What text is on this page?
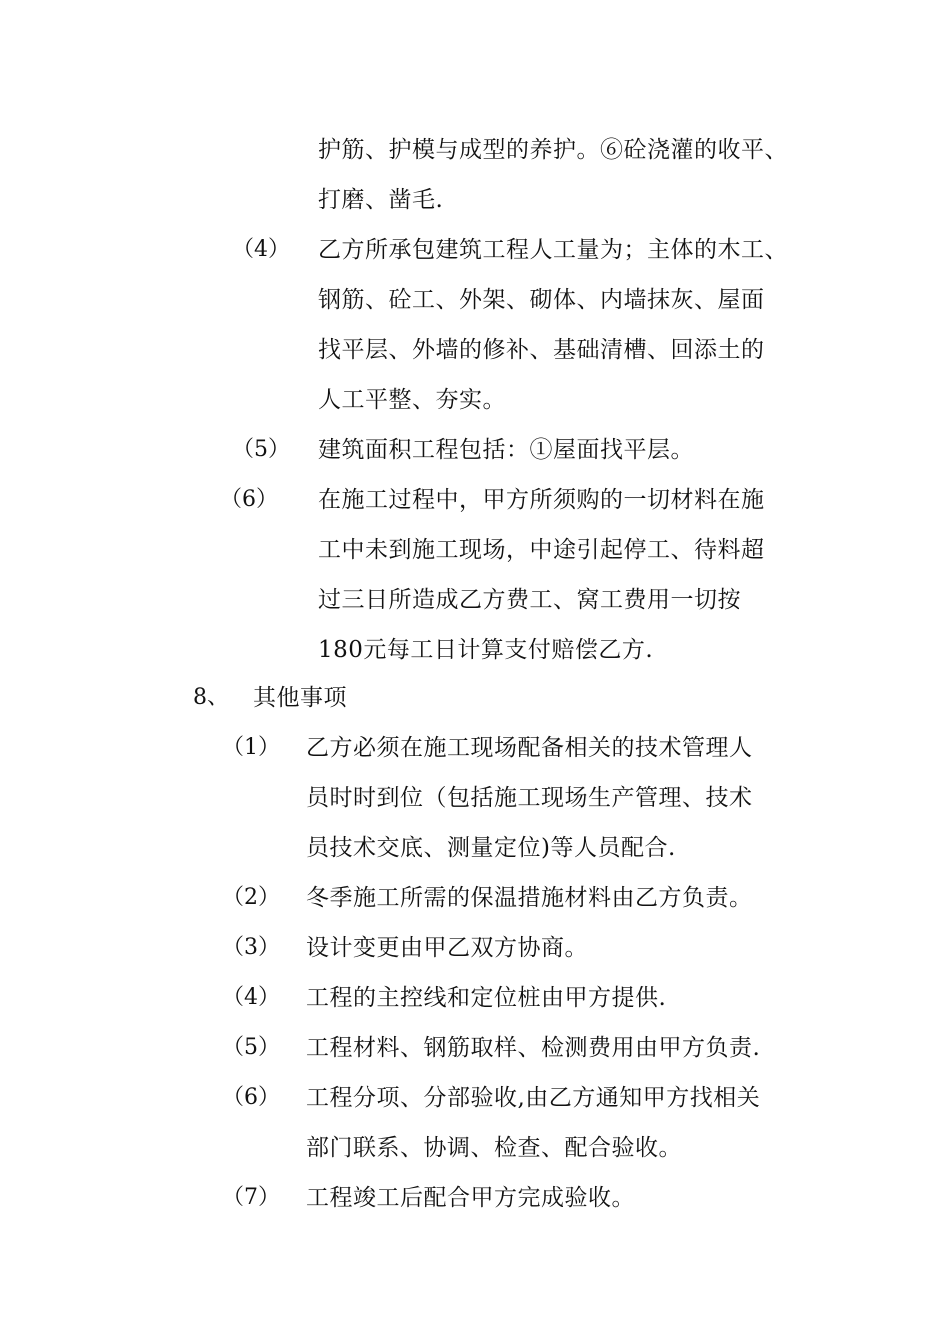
护筋、护模与成型的养护。⑥砼浇灌的收平、
打磨、凿毛.
（4） 乙方所承包建筑工程人工量为；主体的木工、
钢筋、砼工、外架、砌体、内墙抹灰、屋面
找平层、外墙的修补、基础清槽、回添土的
人工平整、夯实。
（5） 建筑面积工程包括：①屋面找平层。
（6） 在施工过程中，甲方所须购的一切材料在施
工中未到施工现场，中途引起停工、待料超
过三日所造成乙方费工、窝工费用一切按
180元每工日计算支付赔偿乙方.
8、 其他事项
（1） 乙方必须在施工现场配备相关的技术管理人
员时时到位（包括施工现场生产管理、技术
员技术交底、测量定位)等人员配合.
（2） 冬季施工所需的保温措施材料由乙方负责。
（3） 设计变更由甲乙双方协商。
（4） 工程的主控线和定位桩由甲方提供.
（5） 工程材料、钢筋取样、检测费用由甲方负责.
（6） 工程分项、分部验收,由乙方通知甲方找相关
部门联系、协调、检查、配合验收。
（7） 工程竣工后配合甲方完成验收。
